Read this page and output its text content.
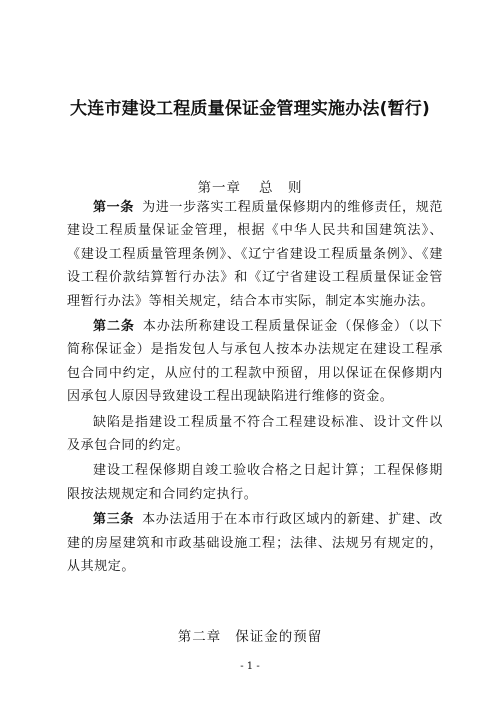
大连市建设工程质量保证金管理实施办法(暂行)
第一章 总　则

第一条 为进一步落实工程质量保修期内的维修责任，规范建设工程质量保证金管理，根据《中华人民共和国建筑法》、《建设工程质量管理条例》、《辽宁省建设工程质量条例》、《建设工程价款结算暂行办法》和《辽宁省建设工程质量保证金管理暂行办法》等相关规定，结合本市实际，制定本实施办法。

第二条 本办法所称建设工程质量保证金（保修金）（以下简称保证金）是指发包人与承包人按本办法规定在建设工程承包合同中约定，从应付的工程款中预留，用以保证在保修期内因承包人原因导致建设工程出现缺陷进行维修的资金。

缺陷是指建设工程质量不符合工程建设标准、设计文件以及承包合同的约定。

建设工程保修期自竣工验收合格之日起计算；工程保修期限按法规规定和合同约定执行。

第三条 本办法适用于在本市行政区域内的新建、扩建、改建的房屋建筑和市政基础设施工程；法律、法规另有规定的，从其规定。

第二章 保证金的预留
- 1 -
